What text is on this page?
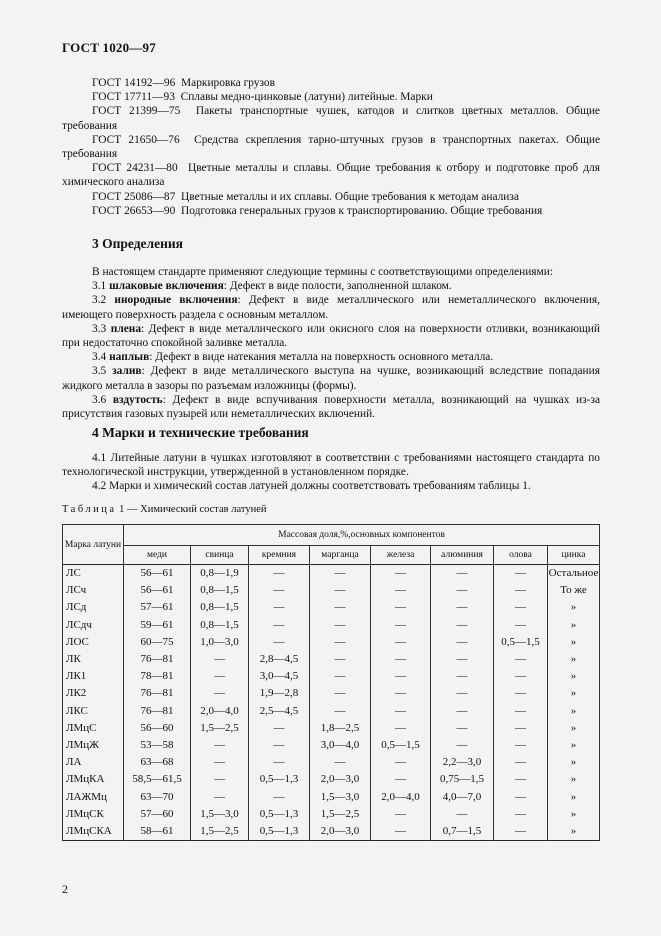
ГОСТ 1020—97
ГОСТ 14192—96 Маркировка грузов
ГОСТ 17711—93 Сплавы медно-цинковые (латуни) литейные. Марки
ГОСТ 21399—75 Пакеты транспортные чушек, катодов и слитков цветных металлов. Общие требования
ГОСТ 21650—76 Средства скрепления тарно-штучных грузов в транспортных пакетах. Общие требования
ГОСТ 24231—80 Цветные металлы и сплавы. Общие требования к отбору и подготовке проб для химического анализа
ГОСТ 25086—87 Цветные металлы и их сплавы. Общие требования к методам анализа
ГОСТ 26653—90 Подготовка генеральных грузов к транспортированию. Общие требования
3 Определения
В настоящем стандарте применяют следующие термины с соответствующими определениями:
3.1 шлаковые включения: Дефект в виде полости, заполненной шлаком.
3.2 инородные включения: Дефект в виде металлического или неметаллического включения, имеющего поверхность раздела с основным металлом.
3.3 плена: Дефект в виде металлического или окисного слоя на поверхности отливки, возникающий при недостаточно спокойной заливке металла.
3.4 наплыв: Дефект в виде натекания металла на поверхность основного металла.
3.5 залив: Дефект в виде металлического выступа на чушке, возникающий вследствие попадания жидкого металла в зазоры по разъемам изложницы (формы).
3.6 вздутость: Дефект в виде вспучивания поверхности металла, возникающий на чушках из-за присутствия газовых пузырей или неметаллических включений.
4 Марки и технические требования
4.1 Литейные латуни в чушках изготовляют в соответствии с требованиями настоящего стандарта по технологической инструкции, утвержденной в установленном порядке.
4.2 Марки и химический состав латуней должны соответствовать требованиям таблицы 1.
Таблица 1 — Химический состав латуней
Марка латуни	Массовая доля,%,основных компонентов							
	меди	свинца	кремния	марганца	железа	алюминия	олова	цинка
ЛС	56—61	0,8—1,9	—	—	—	—	—	Остальное
ЛСч	56—61	0,8—1,5	—	—	—	—	—	То же
ЛСд	57—61	0,8—1,5	—	—	—	—	—	»
ЛСдч	59—61	0,8—1,5	—	—	—	—	—	»
ЛОС	60—75	1,0—3,0	—	—	—	—	0,5—1,5	»
ЛК	76—81	—	2,8—4,5	—	—	—	—	»
ЛК1	78—81	—	3,0—4,5	—	—	—	—	»
ЛК2	76—81	—	1,9—2,8	—	—	—	—	»
ЛКС	76—81	2,0—4,0	2,5—4,5	—	—	—	—	»
ЛМцС	56—60	1,5—2,5	—	1,8—2,5	—	—	—	»
ЛМцЖ	53—58	—	—	3,0—4,0	0,5—1,5	—	—	»
ЛА	63—68	—	—	—	—	2,2—3,0	—	»
ЛМцКА	58,5—61,5	—	0,5—1,3	2,0—3,0	—	0,75—1,5	—	»
ЛАЖМц	63—70	—	—	1,5—3,0	2,0—4,0	4,0—7,0	—	»
ЛМцСК	57—60	1,5—3,0	0,5—1,3	1,5—2,5	—	—	—	»
ЛМцСКА	58—61	1,5—2,5	0,5—1,3	2,0—3,0	—	0,7—1,5	—	»
2
